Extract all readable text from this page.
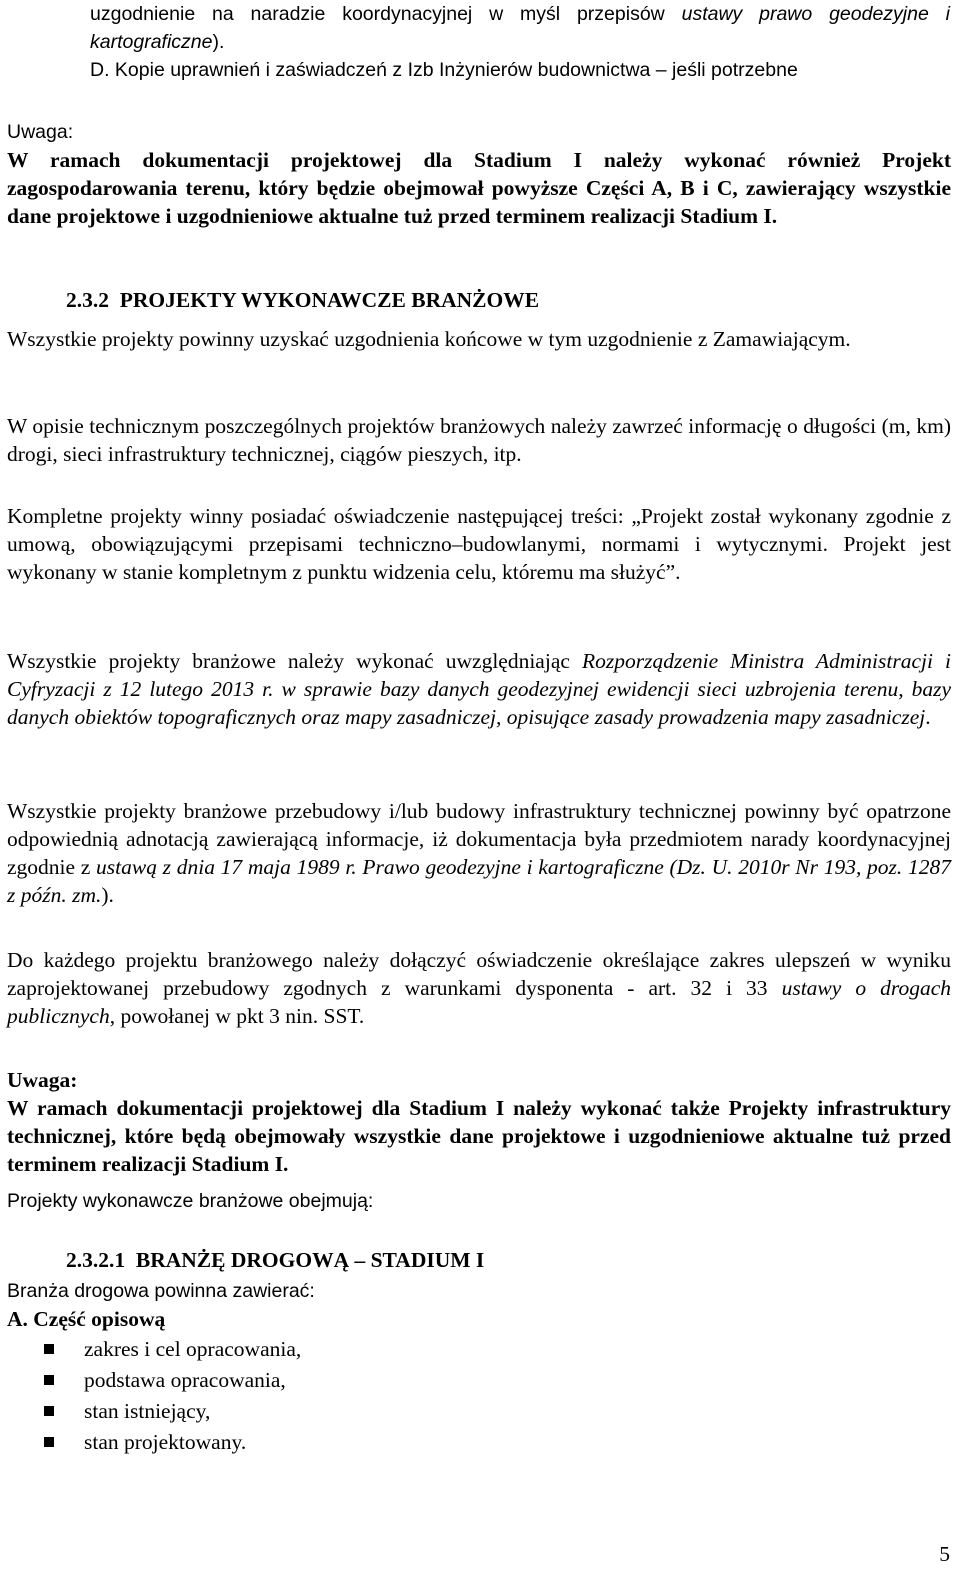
uzgodnienie na naradzie koordynacyjnej w myśl przepisów ustawy prawo geodezyjne i kartograficzne).

D. Kopie uprawnień i zaświadczeń z Izb Inżynierów budownictwa – jeśli potrzebne

Uwaga:

W ramach dokumentacji projektowej dla Stadium I należy wykonać również Projekt zagospodarowania terenu, który będzie obejmował powyższe Części A, B i C, zawierający wszystkie dane projektowe i uzgodnieniowe aktualne tuż przed terminem realizacji Stadium I.

2.3.2 PROJEKTY WYKONAWCZE BRANŻOWE

Wszystkie projekty powinny uzyskać uzgodnienia końcowe w tym uzgodnienie z Zamawiającym.

W opisie technicznym poszczególnych projektów branżowych należy zawrzeć informację o długości (m, km) drogi, sieci infrastruktury technicznej, ciągów pieszych, itp.

Kompletne projekty winny posiadać oświadczenie następującej treści: „Projekt został wykonany zgodnie z umową, obowiązującymi przepisami techniczno–budowlanymi, normami i wytycznymi. Projekt jest wykonany w stanie kompletnym z punktu widzenia celu, któremu ma służyć”.

Wszystkie projekty branżowe należy wykonać uwzględniając Rozporządzenie Ministra Administracji i Cyfryzacji z 12 lutego 2013 r. w sprawie bazy danych geodezyjnej ewidencji sieci uzbrojenia terenu, bazy danych obiektów topograficznych oraz mapy zasadniczej, opisujące zasady prowadzenia mapy zasadniczej.

Wszystkie projekty branżowe przebudowy i/lub budowy infrastruktury technicznej powinny być opatrzone odpowiednią adnotacją zawierającą informacje, iż dokumentacja była przedmiotem narady koordynacyjnej zgodnie z ustawą z dnia 17 maja 1989 r. Prawo geodezyjne i kartograficzne (Dz. U. 2010r Nr 193, poz. 1287 z późn. zm.).

Do każdego projektu branżowego należy dołączyć oświadczenie określające zakres ulepszeń w wyniku zaprojektowanej przebudowy zgodnych z warunkami dysponenta - art. 32 i 33 ustawy o drogach publicznych, powołanej w pkt 3 nin. SST.

Uwaga:

W ramach dokumentacji projektowej dla Stadium I należy wykonać także Projekty infrastruktury technicznej, które będą obejmowały wszystkie dane projektowe i uzgodnieniowe aktualne tuż przed terminem realizacji Stadium I.

Projekty wykonawcze branżowe obejmują:

2.3.2.1 BRANŻĘ DROGOWĄ – STADIUM I

Branża drogowa powinna zawierać:

A. Część opisową

zakres i cel opracowania,
podstawa opracowania,
stan istniejący,
stan projektowany.
5
